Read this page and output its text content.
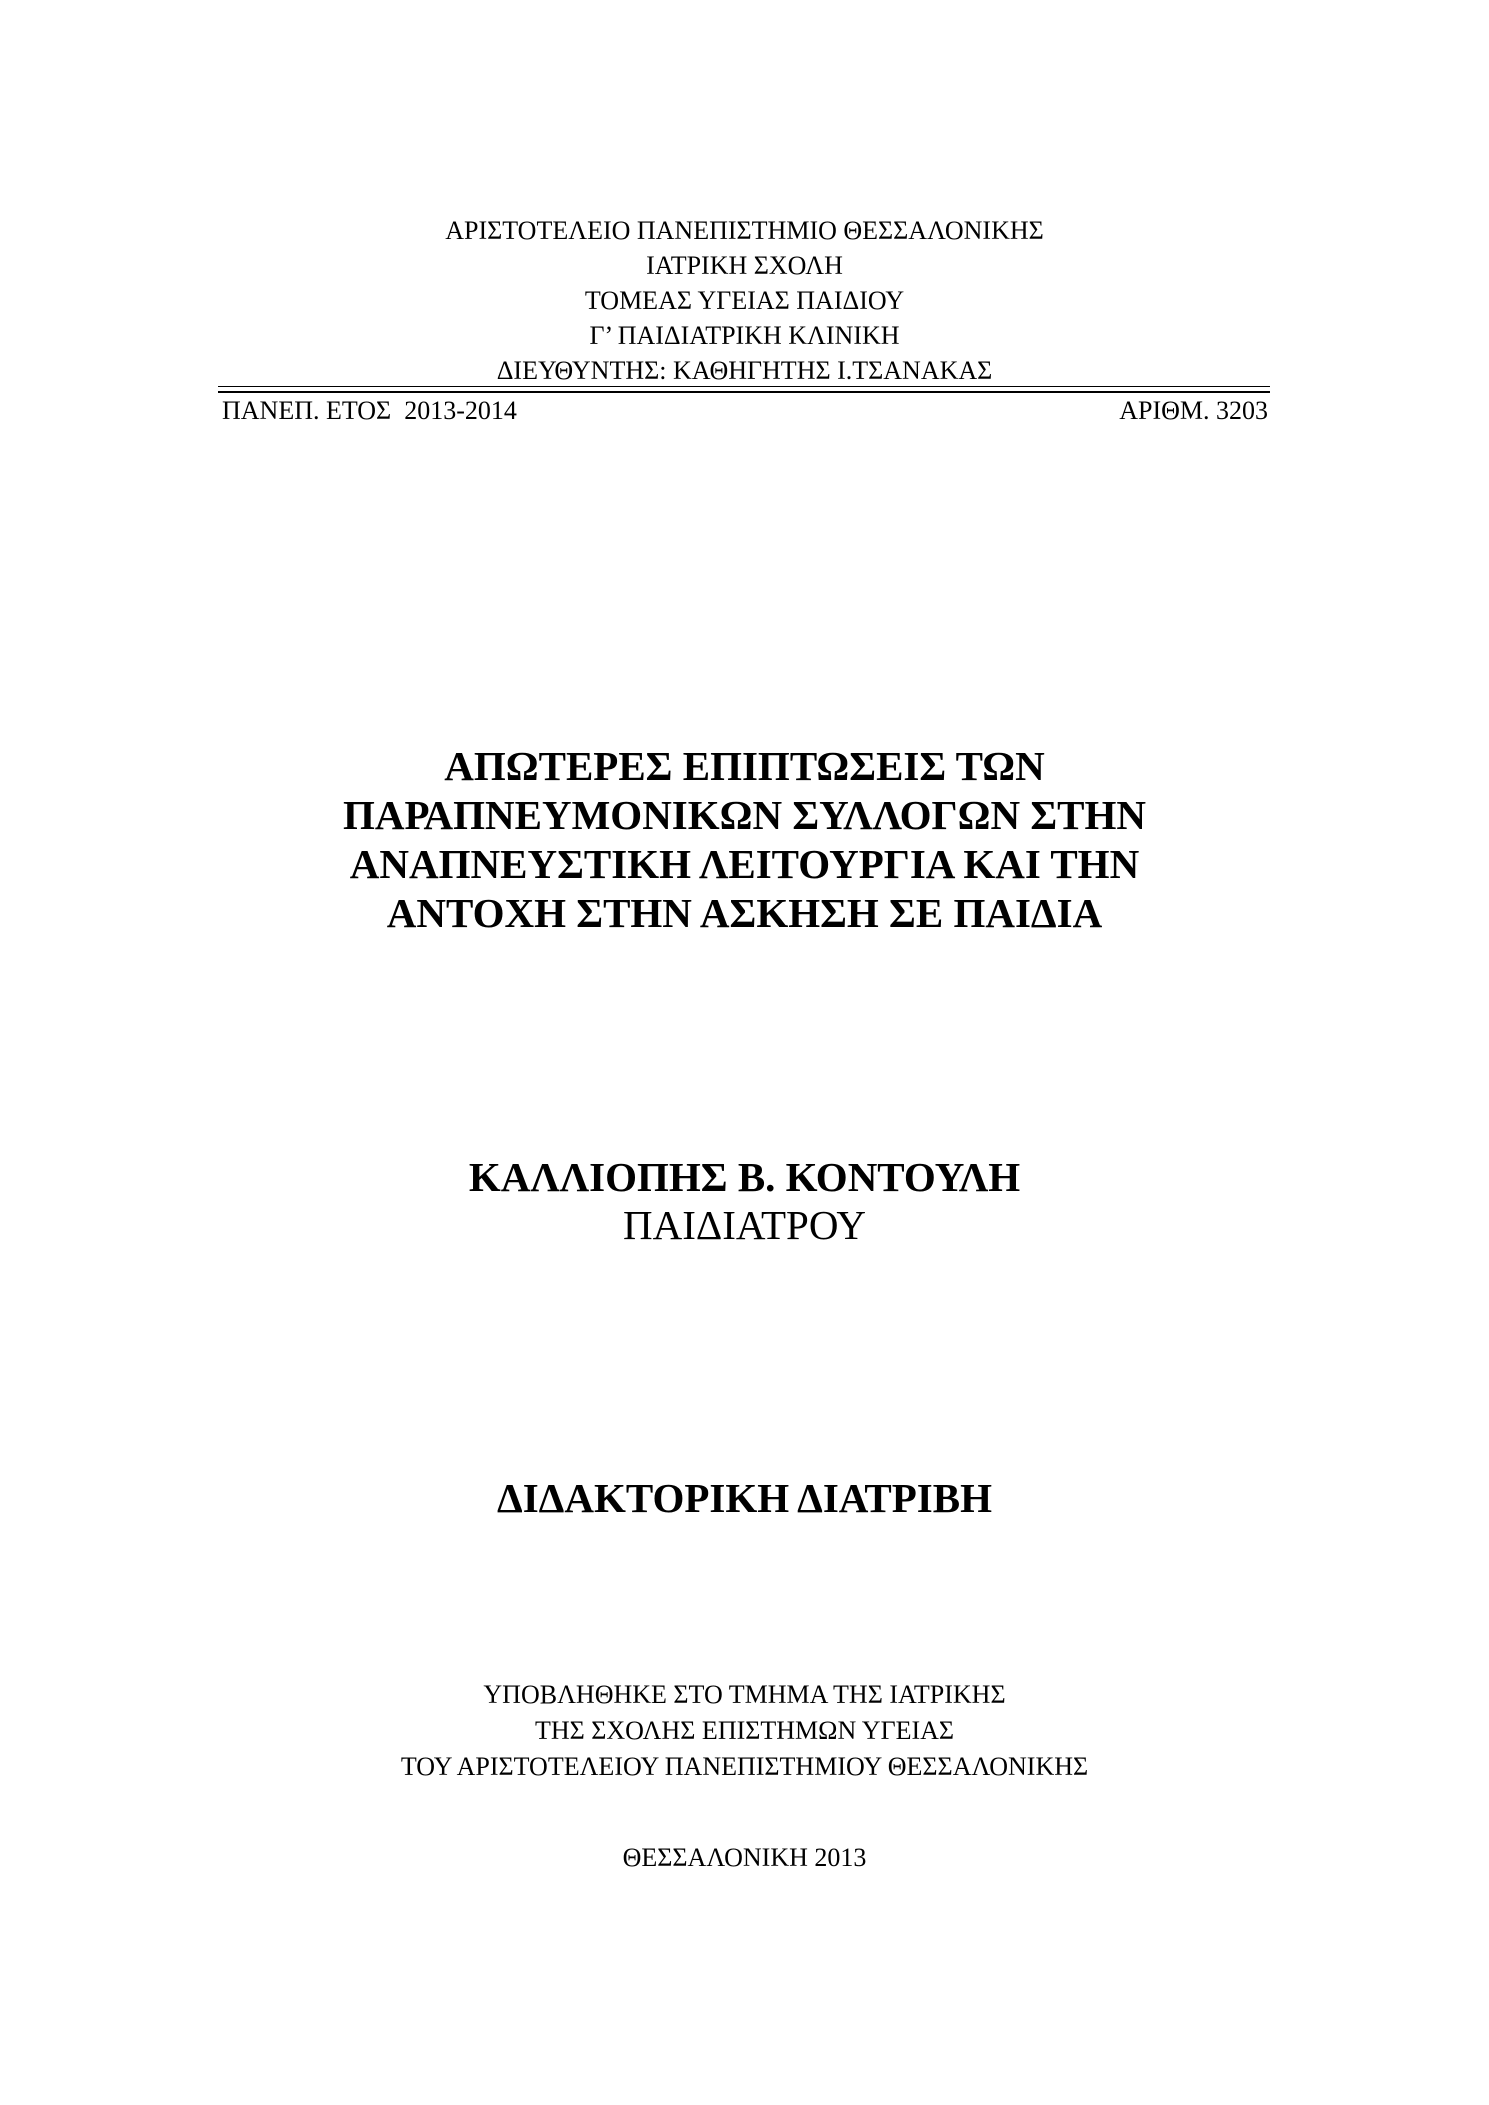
ΑΡΙΣΤΟΤΕΛΕΙΟ ΠΑΝΕΠΙΣΤΗΜΙΟ ΘΕΣΣΑΛΟΝΙΚΗΣ
ΙΑΤΡΙΚΗ ΣΧΟΛΗ
ΤΟΜΕΑΣ ΥΓΕΙΑΣ ΠΑΙΔΙΟΥ
Γ’ ΠΑΙΔΙΑΤΡΙΚΗ ΚΛΙΝΙΚΗ
ΔΙΕΥΘΥΝΤΗΣ: ΚΑΘΗΓΗΤΗΣ Ι.ΤΣΑΝΑΚΑΣ
ΠΑΝΕΠ. ΕΤΟΣ  2013-2014	ΑΡΙΘΜ. 3203
ΑΠΩΤΕΡΕΣ ΕΠΙΠΤΩΣΕΙΣ ΤΩΝ
ΠΑΡΑΠΝΕΥΜΟΝΙΚΩΝ ΣΥΛΛΟΓΩΝ ΣΤΗΝ
ΑΝΑΠΝΕΥΣΤΙΚΗ ΛΕΙΤΟΥΡΓΙΑ ΚΑΙ ΤΗΝ
ΑΝΤΟΧΗ ΣΤΗΝ ΑΣΚΗΣΗ ΣΕ ΠΑΙΔΙΑ
ΚΑΛΛΙΟΠΗΣ Β. ΚΟΝΤΟΥΛΗ
ΠΑΙΔΙΑΤΡΟΥ
ΔΙΔΑΚΤΟΡΙΚΗ ΔΙΑΤΡΙΒΗ
ΥΠΟΒΛΗΘΗΚΕ ΣΤΟ ΤΜΗΜΑ ΤΗΣ ΙΑΤΡΙΚΗΣ
ΤΗΣ ΣΧΟΛΗΣ ΕΠΙΣΤΗΜΩΝ ΥΓΕΙΑΣ
ΤΟΥ ΑΡΙΣΤΟΤΕΛΕΙΟΥ ΠΑΝΕΠΙΣΤΗΜΙΟΥ ΘΕΣΣΑΛΟΝΙΚΗΣ
ΘΕΣΣΑΛΟΝΙΚΗ 2013
